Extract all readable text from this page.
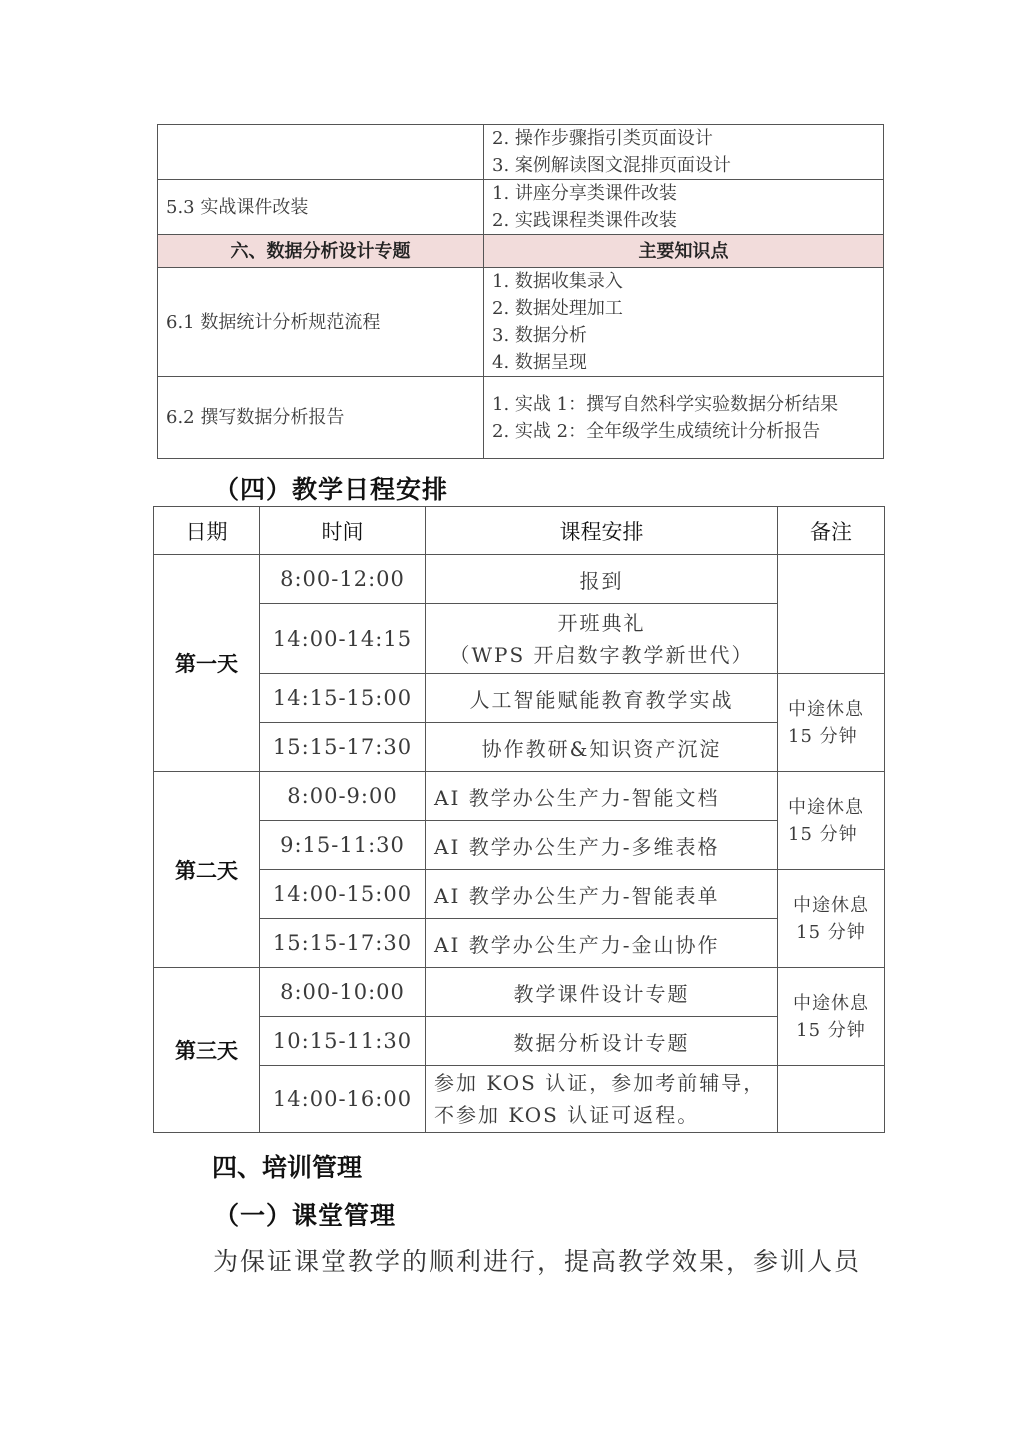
	2. 操作步骤指引类页面设计
3. 案例解读图文混排页面设计

5.3 实战课件改装	1. 讲座分享类课件改装
2. 实践课程类课件改装

六、数据分析设计专题	主要知识点
6.1 数据统计分析规范流程	1. 数据收集录入
2. 数据处理加工
3. 数据分析
4. 数据呈现

6.2 撰写数据分析报告	1. 实战 1：撰写自然科学实验数据分析结果
2. 实战 2：全年级学生成绩统计分析报告
（四）教学日程安排
日期	时间	课程安排	备注
第一天	8:00-12:00	报到	
	14:00-14:15	开班典礼
（WPS 开启数字教学新世代）	

	14:15-15:00	人工智能赋能教育教学实战	中途休息
15 分钟
	15:15-17:30	协作教研&知识资产沉淀	
第二天	8:00-9:00	AI 教学办公生产力-智能文档	中途休息
15 分钟
	9:15-11:30	AI 教学办公生产力-多维表格	
	14:00-15:00	AI 教学办公生产力-智能表单	中途休息
15 分钟
	15:15-17:30	AI 教学办公生产力-金山协作	
第三天	8:00-10:00	教学课件设计专题	中途休息
15 分钟
	10:15-11:30	数据分析设计专题	
	14:00-16:00	参加 KOS 认证，参加考前辅导，
不参加 KOS 认证可返程。	

四、培训管理
（一）课堂管理

为保证课堂教学的顺利进行，提高教学效果，参训人员
